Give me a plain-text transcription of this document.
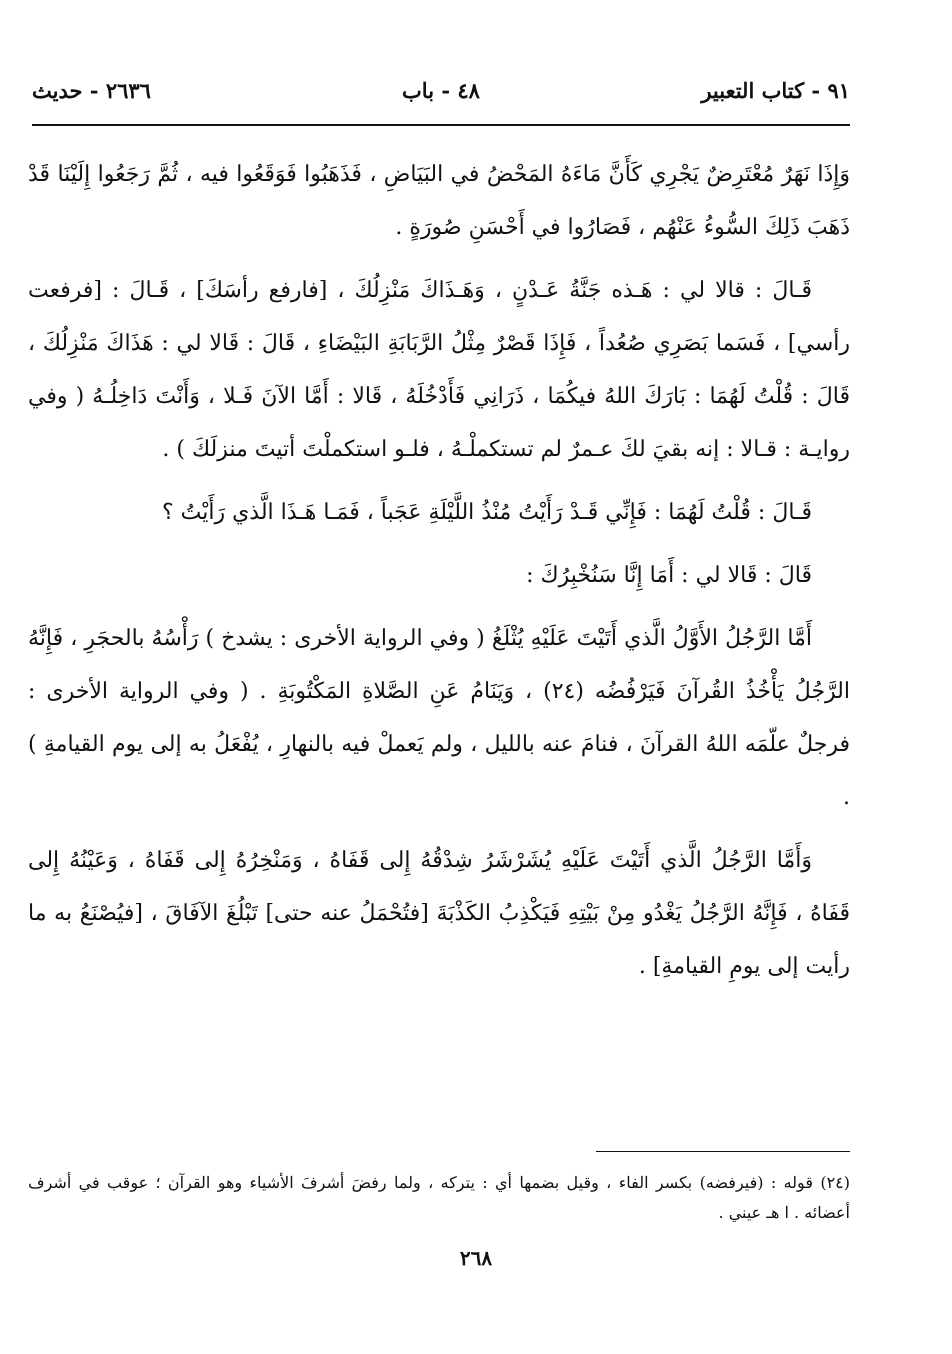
٩١ - كتاب التعبير
٤٨ - باب
٢٦٣٦ - حديث

وَإِذَا نَهَرٌ مُعْتَرِضٌ يَجْرِي كَأَنَّ مَاءَهُ المَحْضُ في البَيَاضِ ، فَذَهَبُوا فَوَقَعُوا فيه ، ثُمَّ رَجَعُوا إِلَيْنَا قَدْ ذَهَبَ ذَلِكَ السُّوءُ عَنْهُم ، فَصَارُوا في أَحْسَنِ صُورَةٍ .

قَـالَ : قالا لي : هَـذه جَنَّةُ عَـدْنٍ ، وَهَـذَاكَ مَنْزِلُكَ ، [فارفع رأسَكَ] ، قَـالَ : [فرفعت رأسي] ، فَسَما بَصَرِي صُعُداً ، فَإِذَا قَصْرٌ مِثْلُ الرَّبَابَةِ البَيْضَاءِ ، قَالَ : قَالا لي : هَذَاكَ مَنْزِلُكَ ، قَالَ : قُلْتُ لَهُمَا : بَارَكَ اللهُ فيكُمَا ، ذَرَانِي فَأَدْخُلَهُ ، قَالا : أَمَّا الآنَ فَـلا ، وَأَنْتَ دَاخِلُـهُ ( وفي روايـة : قـالا : إنه بقيَ لكَ عـمرٌ لم تستكملْـهُ ، فلـو استكملْتَ أتيتَ منزلَكَ ) .

قَـالَ : قُلْتُ لَهُمَا : فَإِنِّي قَـدْ رَأَيْتُ مُنْذُ اللَّيْلَةِ عَجَباً ، فَمَـا هَـذَا الَّذي رَأَيْتُ ؟

قَالَ : قَالا لي : أَمَا إِنَّا سَنُخْبِرُكَ :

أَمَّا الرَّجُلُ الأَوَّلُ الَّذي أَتَيْتَ عَلَيْهِ يُثْلَغُ ( وفي الرواية الأخرى : يشدخ ) رَأْسُهُ بالحجَرِ ، فَإِنَّهُ الرَّجُلُ يَأْخُذُ القُرآنَ فَيَرْفُضُه (٢٤) ، وَيَنَامُ عَنِ الصَّلاةِ المَكْتُوبَةِ . ( وفي الرواية الأخرى : فرجلٌ علّمَه اللهُ القرآنَ ، فنامَ عنه بالليل ، ولم يَعملْ فيه بالنهارِ ، يُفْعَلُ به إلى يوم القيامةِ ) .

وَأَمَّا الرَّجُلُ الَّذي أَتَيْتَ عَلَيْهِ يُشَرْشَرُ شِدْقُهُ إِلى قَفَاهُ ، وَمَنْخِرُهُ إِلى قَفَاهُ ، وَعَيْنُهُ إِلى قَفَاهُ ، فَإِنَّهُ الرَّجُلُ يَغْدُو مِنْ بَيْتِهِ فَيَكْذِبُ الكَذْبَةَ [فتُحْمَلُ عنه حتى] تَبْلُغَ الآفَاقَ ، [فيُصْنَعُ به ما رأيت إلى يومِ القيامةِ] .

(٢٤) قوله : (فيرفضه) بكسر الفاء ، وقيل بضمها أي : يتركه ، ولما رفضَ أشرفَ الأشياء وهو القرآن ؛ عوقب في أشرف أعضائه . ا هـ عيني .
٢٦٨
